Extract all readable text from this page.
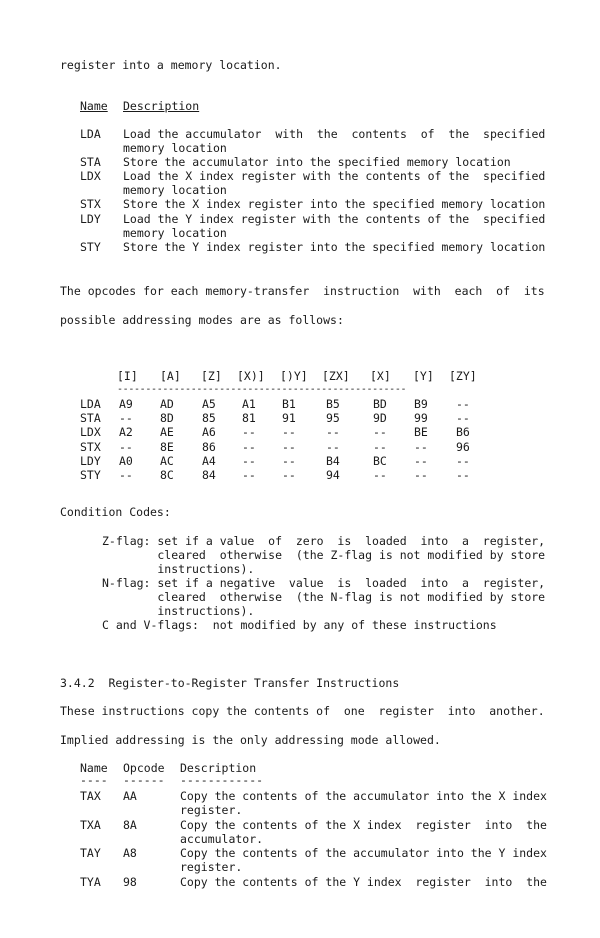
register into a memory location.
Name Description
LDA Load the accumulator  with  the  contents  of  the  specified
memory location
STA Store the accumulator into the specified memory location
LDX Load the X index register with the contents of the  specified
memory location
STX Store the X index register into the specified memory location
LDY Load the Y index register with the contents of the  specified
memory location
STY Store the Y index register into the specified memory location
The opcodes for each memory-transfer  instruction  with  each  of  its
possible addressing modes are as follows:
[I] [A] [Z] [X)] [)Y] [ZX] [X] [Y] [ZY]
---------------------------------------------------
LDA A9 AD A5 A1 B1	B5	BD B9 --
STA -- 8D 85 81 91	95	9D 99 --
LDX A2 AE A6 -- --	--	-- BE B6
STX -- 8E 86 -- --	--	-- -- 96
LDY A0 AC A4 -- --	B4	BC -- --
STY -- 8C 84 -- --	94	-- -- --
Condition Codes:
Z-flag: set if a value  of  zero  is  loaded  into  a  register,
cleared  otherwise  (the Z-flag is not modified by store
instructions).
N-flag: set if a negative  value  is  loaded  into  a  register,
cleared  otherwise  (the N-flag is not modified by store
instructions).
C and V-flags:  not modified by any of these instructions
3.4.2  Register-to-Register Transfer Instructions
These instructions copy the contents of  one  register  into  another.
Implied addressing is the only addressing mode allowed.
Name Opcode Description
---- ------ ------------
TAX AA	Copy the contents of the accumulator into the X index
register.
TXA 8A	Copy the contents of the X index  register  into  the
accumulator.
TAY A8	Copy the contents of the accumulator into the Y index
register.
TYA 98	Copy the contents of the Y index  register  into  the
